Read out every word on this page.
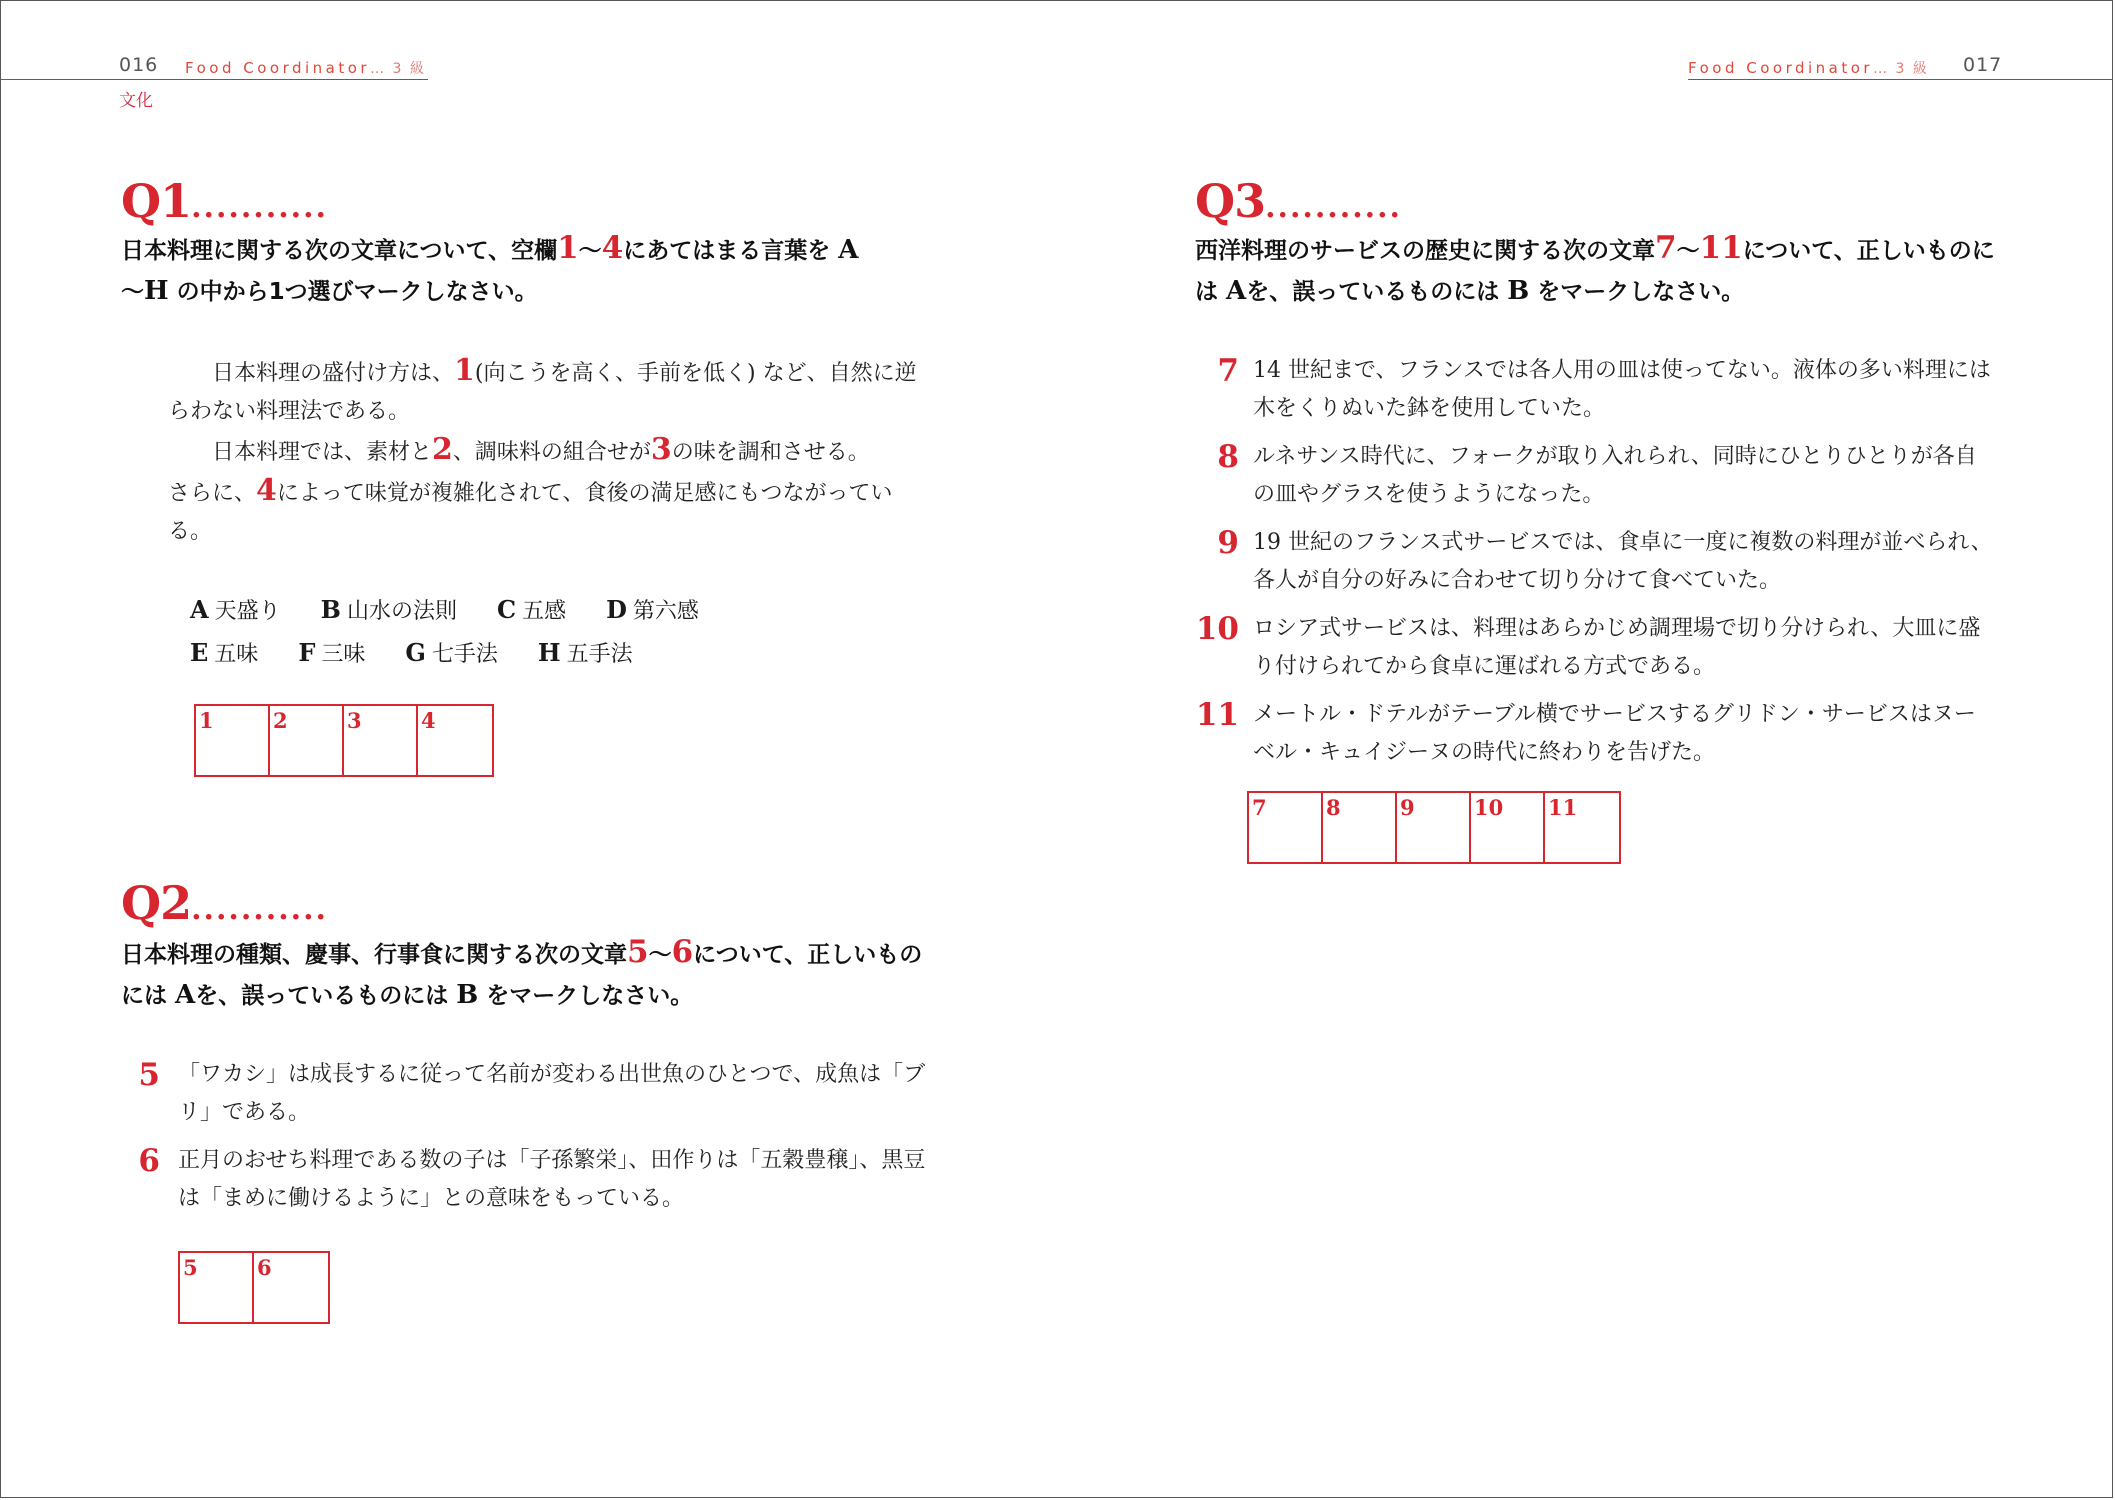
016 Food Coordinator… 3 級
文化
Food Coordinator… 3 級 017
Q1...........
日本料理に関する次の文章について、空欄1～4にあてはまる言葉を A
～H の中から1つ選びマークしなさい。
日本料理の盛付け方は、1(向こうを高く、手前を低く) など、自然に逆らわない料理法である。
日本料理では、素材と2、調味料の組合せが3の味を調和させる。
さらに、4によって味覚が複雑化されて、食後の満足感にもつながっている。
A 天盛り B 山水の法則 C 五感 D 第六感
E 五味 F 三味 G 七手法 H 五手法
1	2	3	4
Q2...........
日本料理の種類、慶事、行事食に関する次の文章5～6について、正しいものには Aを、誤っているものには B をマークしなさい。
5 「ワカシ」は成長するに従って名前が変わる出世魚のひとつで、成魚は「ブリ」である。
6 正月のおせち料理である数の子は「子孫繁栄」、田作りは「五穀豊穣」、黒豆は「まめに働けるように」との意味をもっている。
5	6
Q3...........
西洋料理のサービスの歴史に関する次の文章7～11について、正しいものには Aを、誤っているものには B をマークしなさい。
7 14 世紀まで、フランスでは各人用の皿は使ってない。液体の多い料理には木をくりぬいた鉢を使用していた。
8 ルネサンス時代に、フォークが取り入れられ、同時にひとりひとりが各自の皿やグラスを使うようになった。
9 19 世紀のフランス式サービスでは、食卓に一度に複数の料理が並べられ、各人が自分の好みに合わせて切り分けて食べていた。
10 ロシア式サービスは、料理はあらかじめ調理場で切り分けられ、大皿に盛り付けられてから食卓に運ばれる方式である。
11 メートル・ドテルがテーブル横でサービスするグリドン・サービスはヌーベル・キュイジーヌの時代に終わりを告げた。
7	8	9	10 11
